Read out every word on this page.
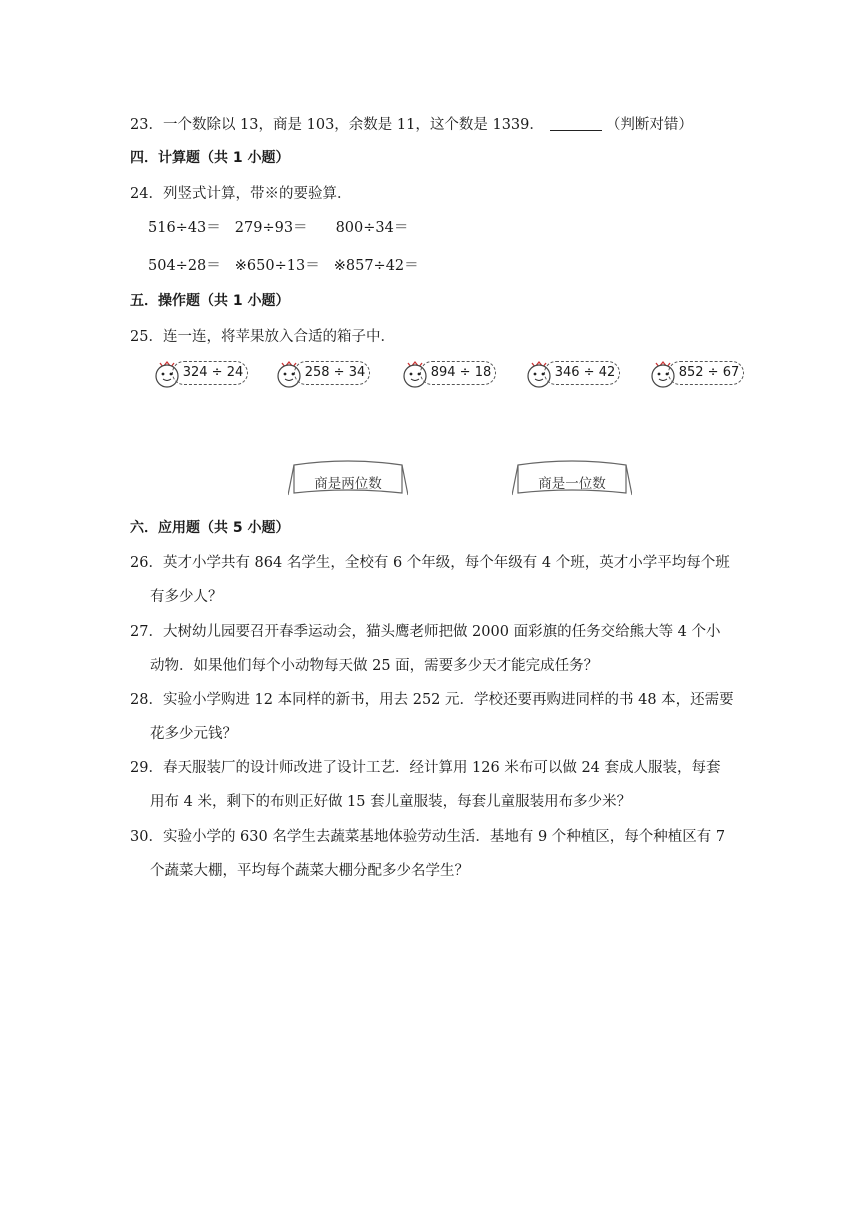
23．一个数除以 13，商是 103，余数是 11，这个数是 1339．	（判断对错）
四．计算题（共 1 小题）
24．列竖式计算，带※的要验算．
516÷43＝ 279÷93＝ 800÷34＝
504÷28＝ ※650÷13＝ ※857÷42＝
五．操作题（共 1 小题）
25．连一连，将苹果放入合适的箱子中．
324 ÷ 24	258 ÷ 34	894 ÷ 18	346 ÷ 42	852 ÷ 67
商是两位数	商是一位数
六．应用题（共 5 小题）
26．英才小学共有 864 名学生，全校有 6 个年级，每个年级有 4 个班，英才小学平均每个班
有多少人？
27．大树幼儿园要召开春季运动会，猫头鹰老师把做 2000 面彩旗的任务交给熊大等 4 个小
动物．如果他们每个小动物每天做 25 面，需要多少天才能完成任务？
28．实验小学购进 12 本同样的新书，用去 252 元．学校还要再购进同样的书 48 本，还需要
花多少元钱？
29．春天服装厂的设计师改进了设计工艺．经计算用 126 米布可以做 24 套成人服装，每套
用布 4 米，剩下的布则正好做 15 套儿童服装，每套儿童服装用布多少米？
30．实验小学的 630 名学生去蔬菜基地体验劳动生活．基地有 9 个种植区，每个种植区有 7
个蔬菜大棚，平均每个蔬菜大棚分配多少名学生？
